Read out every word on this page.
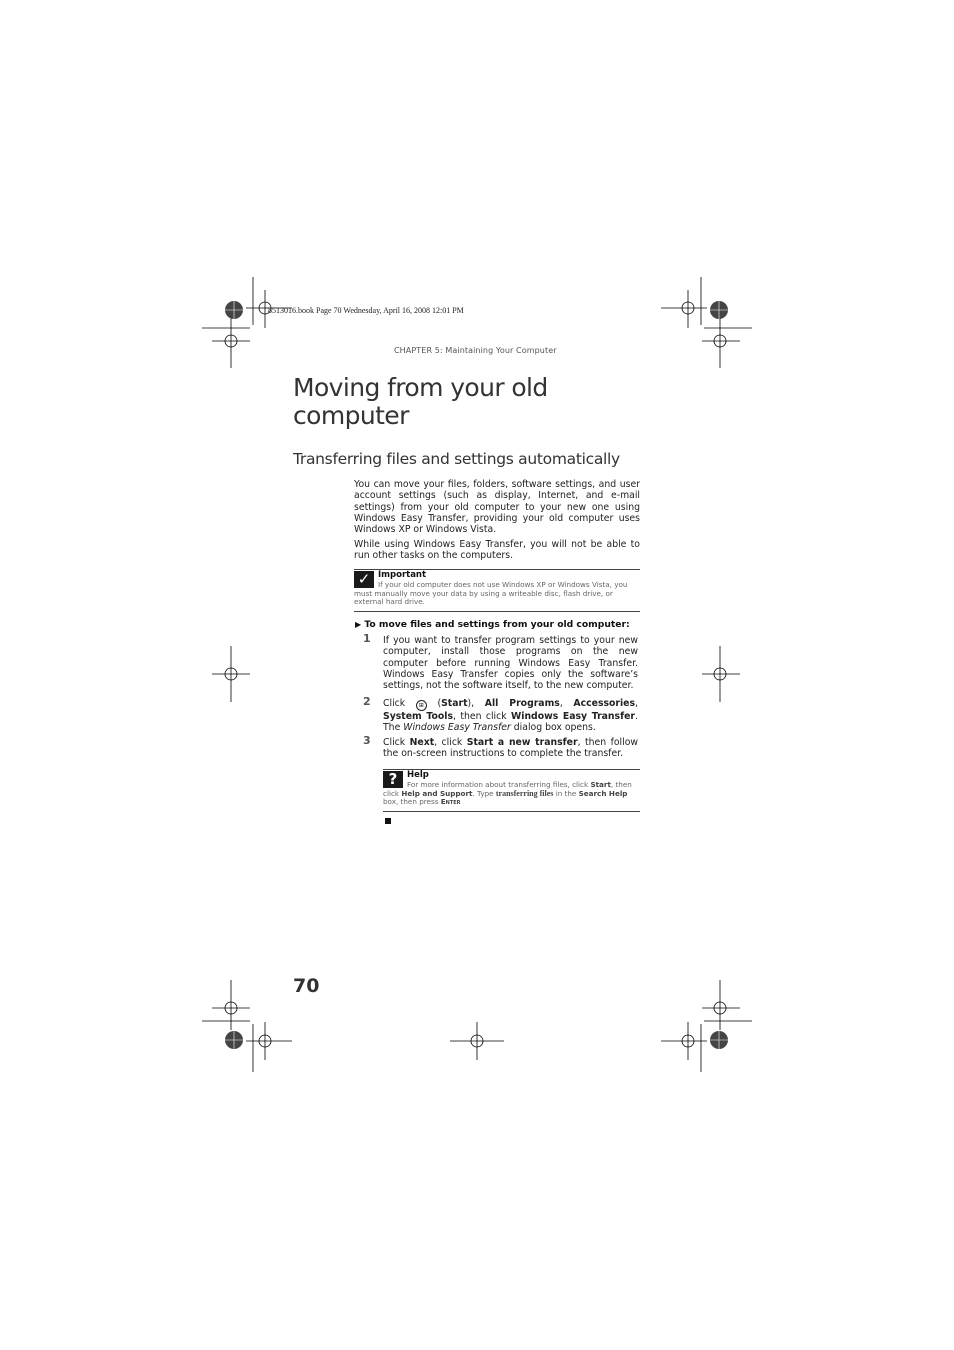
8513016.book Page 70 Wednesday, April 16, 2008 12:01 PM
CHAPTER 5: Maintaining Your Computer
Moving from your old computer
Transferring files and settings automatically

You can move your files, folders, software settings, and user account settings (such as display, Internet, and e-mail settings) from your old computer to your new one using Windows Easy Transfer, providing your old computer uses Windows XP or Windows Vista.

While using Windows Easy Transfer, you will not be able to run other tasks on the computers.

✓ Important
If your old computer does not use Windows XP or Windows Vista, you must manually move your data by using a writeable disc, flash drive, or external hard drive.
▶ To move files and settings from your old computer:
1 If you want to transfer program settings to your new computer, install those programs on the new computer before running Windows Easy Transfer. Windows Easy Transfer copies only the software’s settings, not the software itself, to the new computer.

2 Click ⊞ (Start), All Programs, Accessories, System Tools, then click Windows Easy Transfer. The Windows Easy Transfer dialog box opens.

3 Click Next, click Start a new transfer, then follow the on-screen instructions to complete the transfer.

?	Help
For more information about transferring files, click Start, then click Help and Support. Type transferring files in the Search Help box, then press Enter
70
